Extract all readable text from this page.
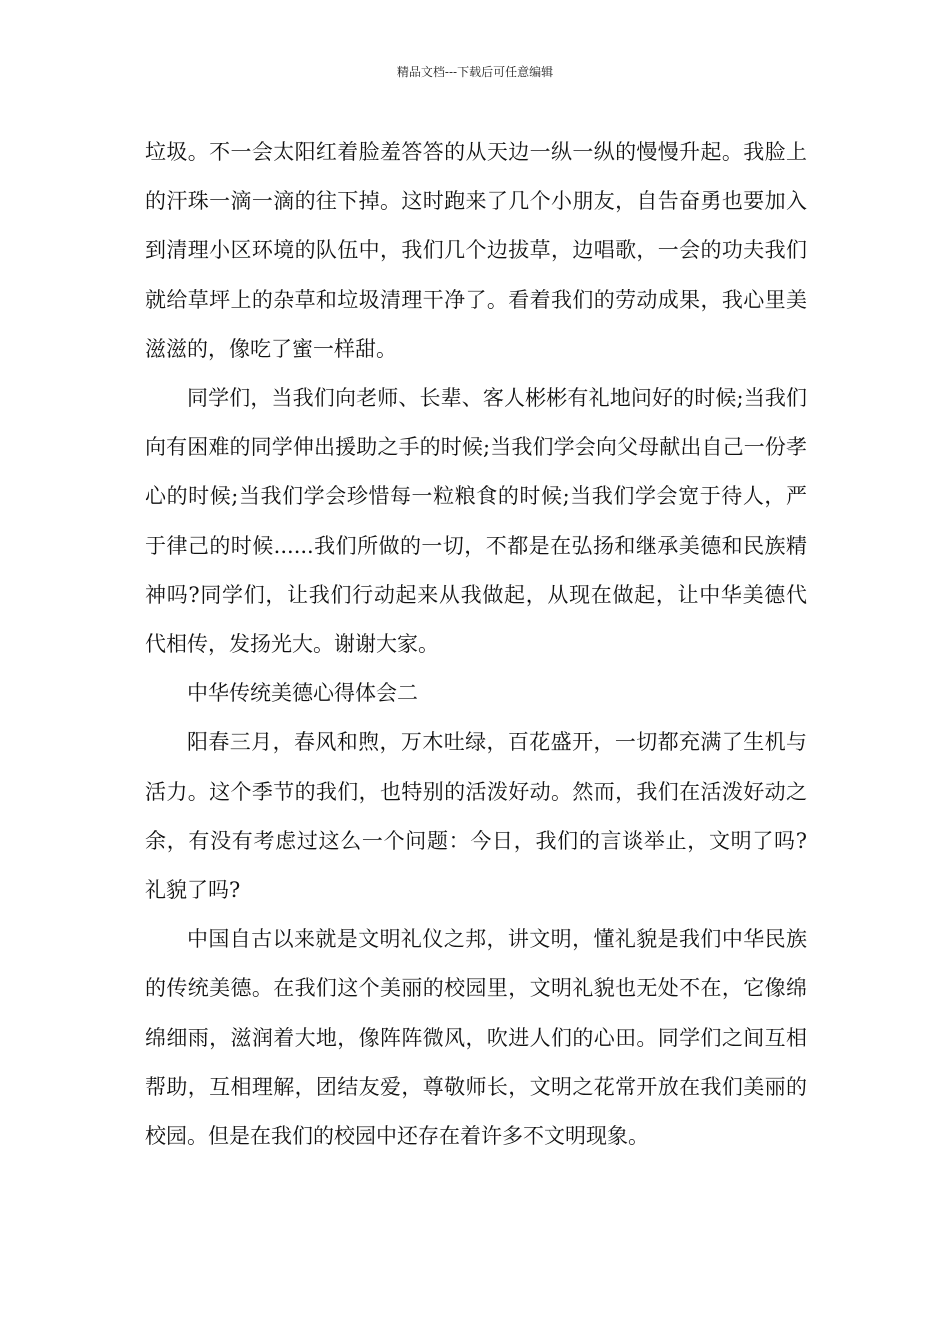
精品文档---下载后可任意编辑

垃圾。不一会太阳红着脸羞答答的从天边一纵一纵的慢慢升起。我脸上的汗珠一滴一滴的往下掉。这时跑来了几个小朋友，自告奋勇也要加入到清理小区环境的队伍中，我们几个边拔草，边唱歌，一会的功夫我们就给草坪上的杂草和垃圾清理干净了。看着我们的劳动成果，我心里美滋滋的，像吃了蜜一样甜。

同学们，当我们向老师、长辈、客人彬彬有礼地问好的时候;当我们向有困难的同学伸出援助之手的时候;当我们学会向父母献出自己一份孝心的时候;当我们学会珍惜每一粒粮食的时候;当我们学会宽于待人，严于律己的时候......我们所做的一切，不都是在弘扬和继承美德和民族精神吗?同学们，让我们行动起来从我做起，从现在做起，让中华美德代代相传，发扬光大。谢谢大家。

中华传统美德心得体会二

阳春三月，春风和煦，万木吐绿，百花盛开，一切都充满了生机与活力。这个季节的我们，也特别的活泼好动。然而，我们在活泼好动之余，有没有考虑过这么一个问题：今日，我们的言谈举止，文明了吗?礼貌了吗?

中国自古以来就是文明礼仪之邦，讲文明，懂礼貌是我们中华民族的传统美德。在我们这个美丽的校园里，文明礼貌也无处不在，它像绵绵细雨，滋润着大地，像阵阵微风，吹进人们的心田。同学们之间互相帮助，互相理解，团结友爱，尊敬师长，文明之花常开放在我们美丽的校园。但是在我们的校园中还存在着许多不文明现象。
